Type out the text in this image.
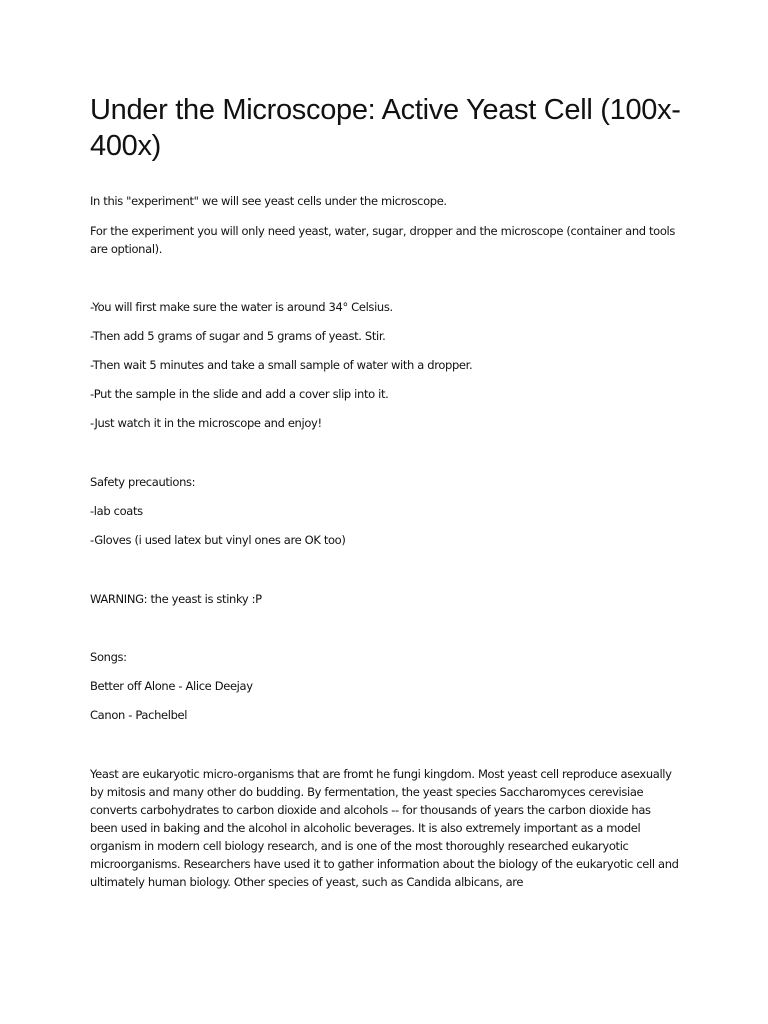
Under the Microscope: Active Yeast Cell (100x-400x)

In this "experiment" we will see yeast cells under the microscope.

For the experiment you will only need yeast, water, sugar, dropper and the microscope (container and tools are optional).

-You will first make sure the water is around 34° Celsius.

-Then add 5 grams of sugar and 5 grams of yeast. Stir.

-Then wait 5 minutes and take a small sample of water with a dropper.

-Put the sample in the slide and add a cover slip into it.

-Just watch it in the microscope and enjoy!

Safety precautions:

-lab coats

-Gloves (i used latex but vinyl ones are OK too)

WARNING: the yeast is stinky :P

Songs:

Better off Alone - Alice Deejay

Canon - Pachelbel

Yeast are eukaryotic micro-organisms that are fromt he fungi kingdom. Most yeast cell reproduce asexually by mitosis and many other do budding. By fermentation, the yeast species Saccharomyces cerevisiae converts carbohydrates to carbon dioxide and alcohols -- for thousands of years the carbon dioxide has been used in baking and the alcohol in alcoholic beverages. It is also extremely important as a model organism in modern cell biology research, and is one of the most thoroughly researched eukaryotic microorganisms. Researchers have used it to gather information about the biology of the eukaryotic cell and ultimately human biology. Other species of yeast, such as Candida albicans, are
